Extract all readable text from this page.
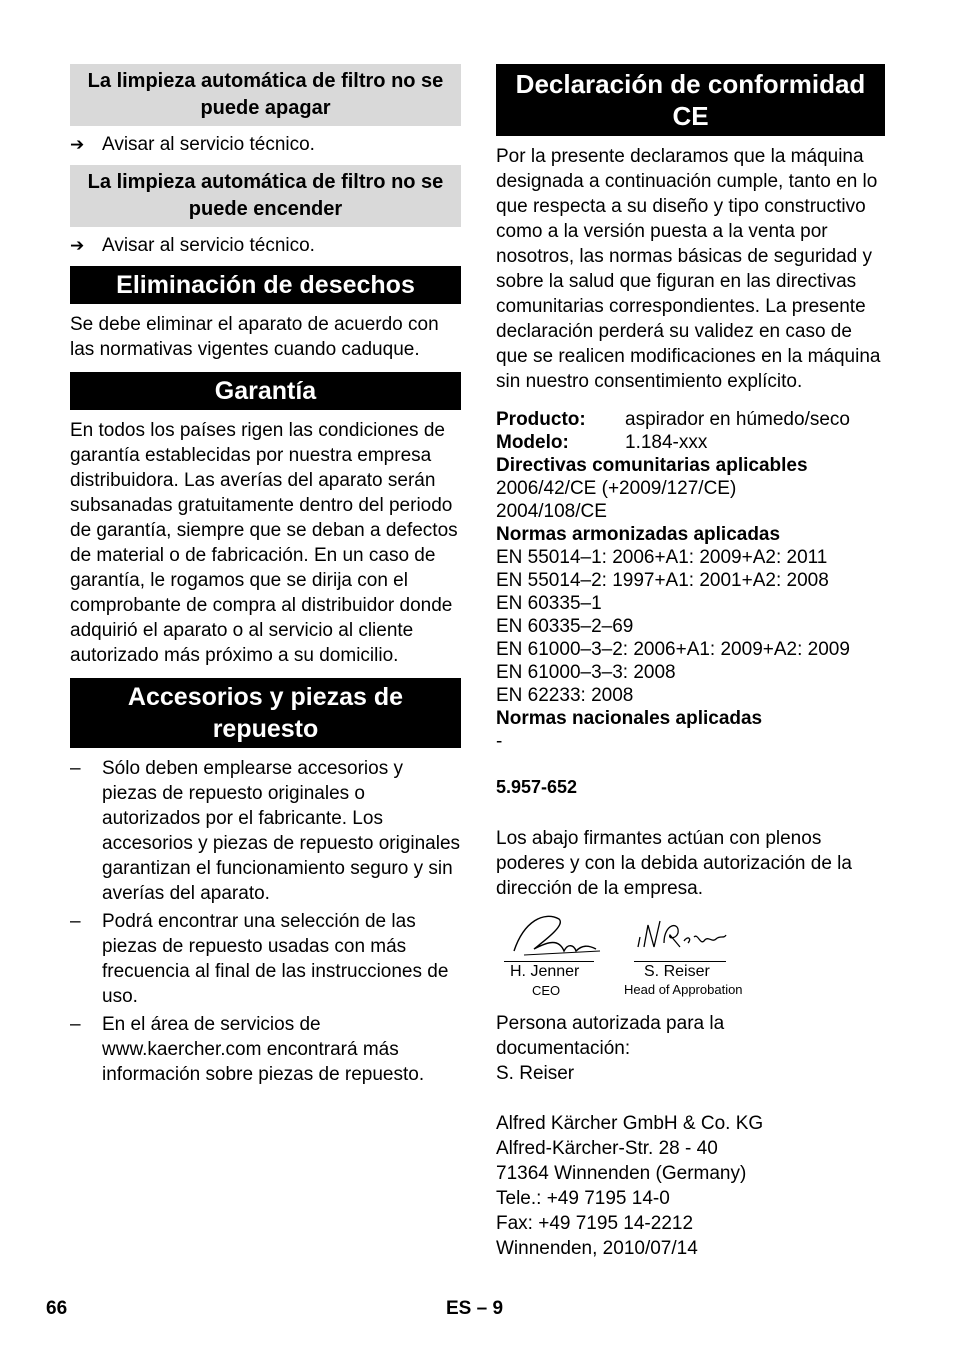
La limpieza automática de filtro no se puede apagar
➔ Avisar al servicio técnico.
La limpieza automática de filtro no se puede encender
➔ Avisar al servicio técnico.
Eliminación de desechos

Se debe eliminar el aparato de acuerdo con las normativas vigentes cuando caduque.

Garantía

En todos los países rigen las condiciones de garantía establecidas por nuestra empresa distribuidora. Las averías del aparato serán subsanadas gratuitamente dentro del periodo de garantía, siempre que se deban a defectos de material o de fabricación. En un caso de garantía, le rogamos que se dirija con el comprobante de compra al distribuidor donde adquirió el aparato o al servicio al cliente autorizado más próximo a su domicilio.

Accesorios y piezas de repuesto
–	Sólo deben emplearse accesorios y piezas de repuesto originales o autorizados por el fabricante. Los accesorios y piezas de repuesto originales garantizan el funcionamiento seguro y sin averías del aparato.
–	Podrá encontrar una selección de las piezas de repuesto usadas con más frecuencia al final de las instrucciones de uso.
–	En el área de servicios de www.kaercher.com encontrará más información sobre piezas de repuesto.
Declaración de conformidad CE

Por la presente declaramos que la máquina designada a continuación cumple, tanto en lo que respecta a su diseño y tipo constructivo como a la versión puesta a la venta por nosotros, las normas básicas de seguridad y sobre la salud que figuran en las directivas comunitarias correspondientes. La presente declaración perderá su validez en caso de que se realicen modificaciones en la máquina sin nuestro consentimiento explícito.

Producto:	aspirador en húmedo/seco
Modelo:	1.184-xxx
Directivas comunitarias aplicables
2006/42/CE (+2009/127/CE)
2004/108/CE
Normas armonizadas aplicadas
EN 55014–1: 2006+A1: 2009+A2: 2011
EN 55014–2: 1997+A1: 2001+A2: 2008
EN 60335–1
EN 60335–2–69
EN 61000–3–2: 2006+A1: 2009+A2: 2009
EN 61000–3–3: 2008
EN 62233: 2008
Normas nacionales aplicadas
-
5.957-652

Los abajo firmantes actúan con plenos poderes y con la debida autorización de la dirección de la empresa.

H. Jenner
CEO
S. Reiser
Head of Approbation
Persona autorizada para la documentación:
S. Reiser
Alfred Kärcher GmbH & Co. KG
Alfred-Kärcher-Str. 28 - 40
71364 Winnenden (Germany)
Tele.: +49 7195 14-0
Fax: +49 7195 14-2212
Winnenden, 2010/07/14
66	ES – 9
